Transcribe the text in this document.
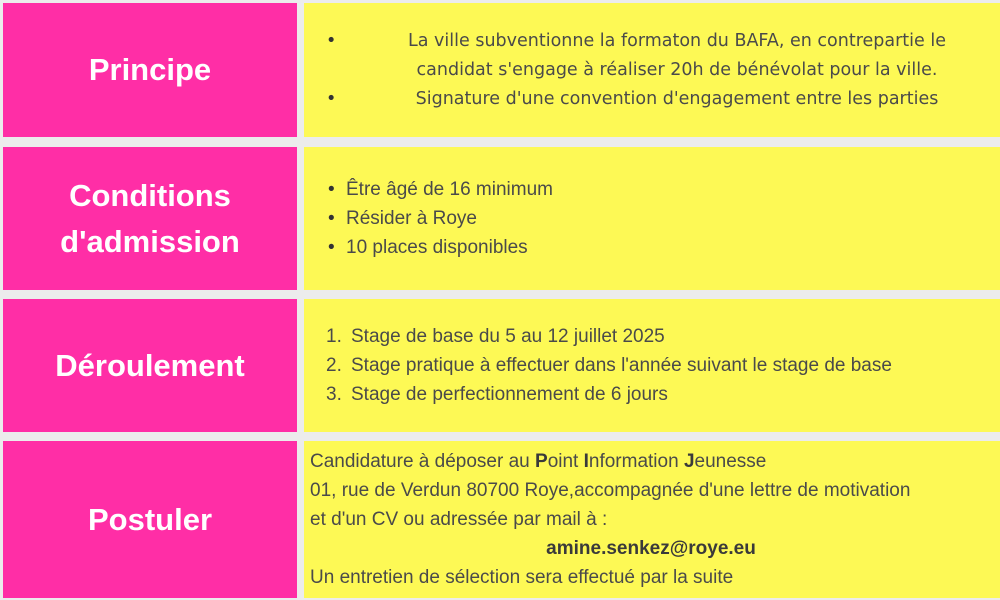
Principe
• La ville subventionne la formaton du BAFA, en contrepartie le candidat s'engage à réaliser 20h de bénévolat pour la ville.
• Signature d'une convention d'engagement entre les parties
Conditions
d'admission
• Être âgé de 16 minimum
• Résider à Roye
• 10 places disponibles
Déroulement
1. Stage de base du 5 au 12 juillet 2025
2. Stage pratique à effectuer dans l'année suivant le stage de base
3. Stage de perfectionnement de 6 jours
Postuler

Candidature à déposer au Point Information Jeunesse

01, rue de Verdun 80700 Roye,accompagnée d'une lettre de motivation

et d'un CV ou adressée par mail à :

amine.senkez@roye.eu

Un entretien de sélection sera effectué par la suite
